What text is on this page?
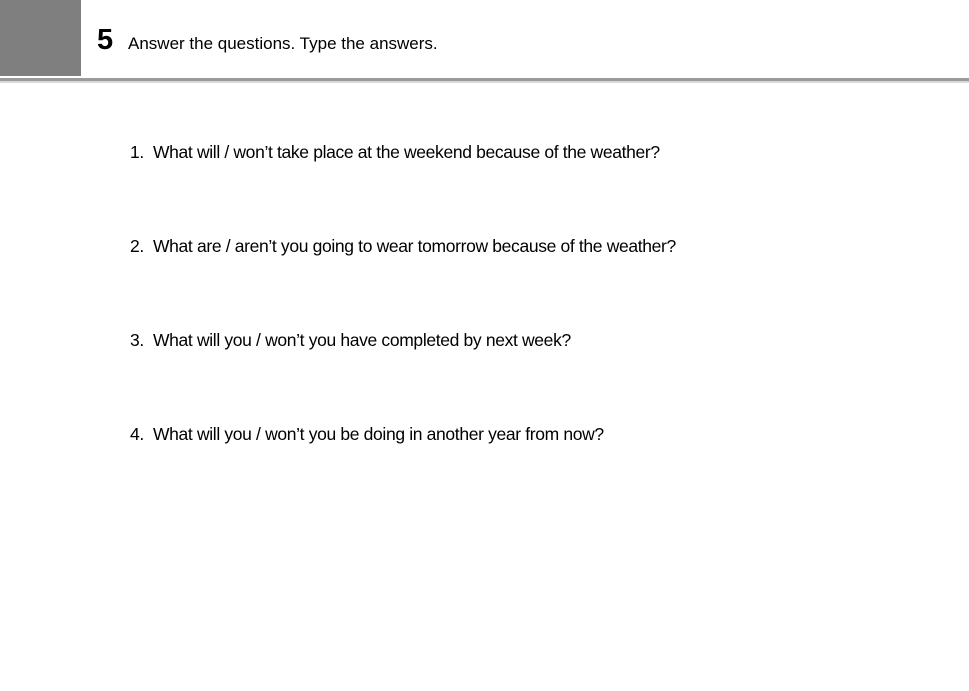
5 Answer the questions. Type the answers.
1. What will / won’t take place at the weekend because of the weather?
2. What are / aren’t you going to wear tomorrow because of the weather?
3. What will you / won’t you have completed by next week?
4. What will you / won’t you be doing in another year from now?
